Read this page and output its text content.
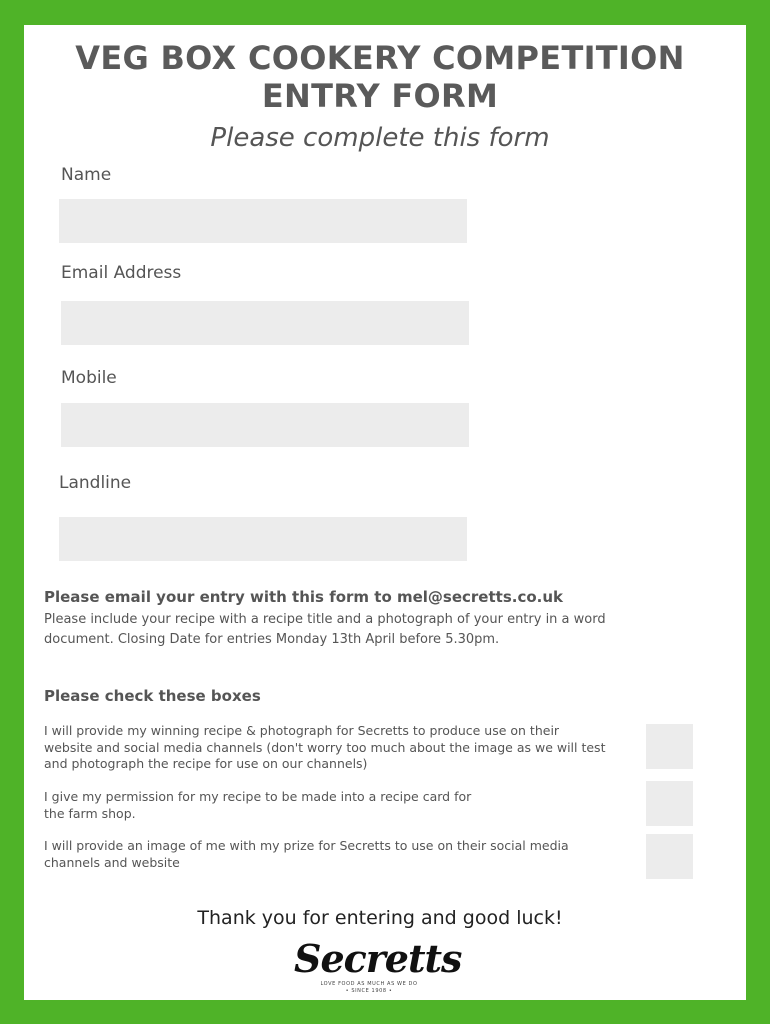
VEG BOX COOKERY COMPETITION
ENTRY FORM
Please complete this form
Name
Email Address
Mobile
Landline
Please email your entry with this form to mel@secretts.co.uk
Please include your recipe with a recipe title and a photograph of your entry in a word
document. Closing Date for entries Monday 13th April before 5.30pm.
Please check these boxes
I will provide my winning recipe & photograph for Secretts to produce use on their
website and social media channels (don't worry too much about the image as we will test
and photograph the recipe for use on our channels)
I give my permission for my recipe to be made into a recipe card for
the farm shop.
I will provide an image of me with my prize for Secretts to use on their social media
channels and website
Thank you for entering and good luck!
Secretts
LOVE FOOD AS MUCH AS WE DO
• SINCE 1908 •
